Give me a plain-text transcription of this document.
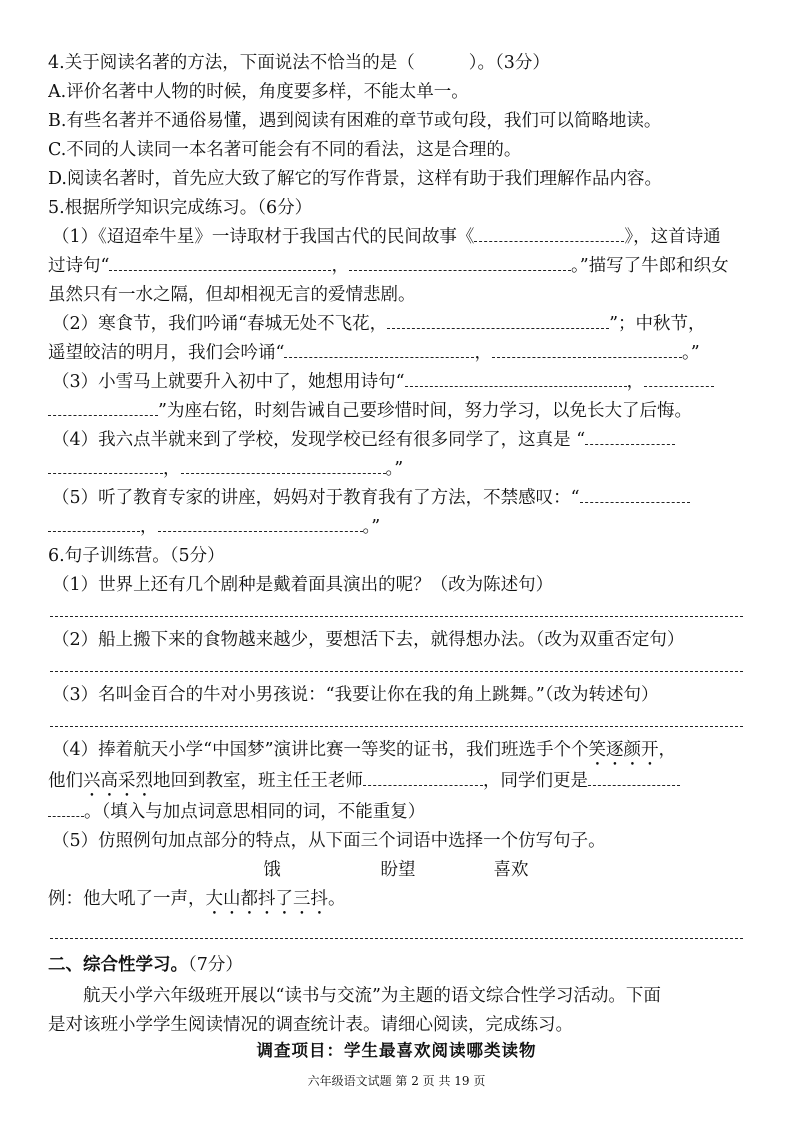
4.关于阅读名著的方法，下面说法不恰当的是（	）。（3分）
A.评价名著中人物的时候，角度要多样，不能太单一。
B.有些名著并不通俗易懂，遇到阅读有困难的章节或句段，我们可以简略地读。
C.不同的人读同一本名著可能会有不同的看法，这是合理的。
D.阅读名著时，首先应大致了解它的写作背景，这样有助于我们理解作品内容。
5.根据所学知识完成练习。（6分）
（1）《迢迢牵牛星》一诗取材于我国古代的民间故事《	》，这首诗通
过诗句“	，	。”描写了牛郎和织女
虽然只有一水之隔，但却相视无言的爱情悲剧。
（2）寒食节，我们吟诵“春城无处不飞花，	”；中秋节，
遥望皎洁的明月，我们会吟诵“	，	。”
（3）小雪马上就要升入初中了，她想用诗句“	，
”为座右铭，时刻告诫自己要珍惜时间，努力学习，以免长大了后悔。
（4）我六点半就来到了学校，发现学校已经有很多同学了，这真是 “
，	。”
（5）听了教育专家的讲座，妈妈对于教育我有了方法，不禁感叹：“
，	。”
6.句子训练营。（5分）
（1）世界上还有几个剧种是戴着面具演出的呢？（改为陈述句）
（2）船上搬下来的食物越来越少，要想活下去，就得想办法。（改为双重否定句）
（3）名叫金百合的牛对小男孩说：“我要让你在我的角上跳舞。”（改为转述句）
（4）捧着航天小学“中国梦”演讲比赛一等奖的证书，我们班选手个个笑逐颜开，
他们兴高采烈地回到教室，班主任王老师	，同学们更是
。（填入与加点词意思相同的词，不能重复）
（5）仿照例句加点部分的特点，从下面三个词语中选择一个仿写句子。
饿	盼望	喜欢
例：他大吼了一声，大山都抖了三抖。
二、综合性学习。（7分）
航天小学六年级班开展以“读书与交流”为主题的语文综合性学习活动。下面
是对该班小学学生阅读情况的调查统计表。请细心阅读，完成练习。
调查项目：学生最喜欢阅读哪类读物
六年级语文试题 第 2 页 共 19 页
